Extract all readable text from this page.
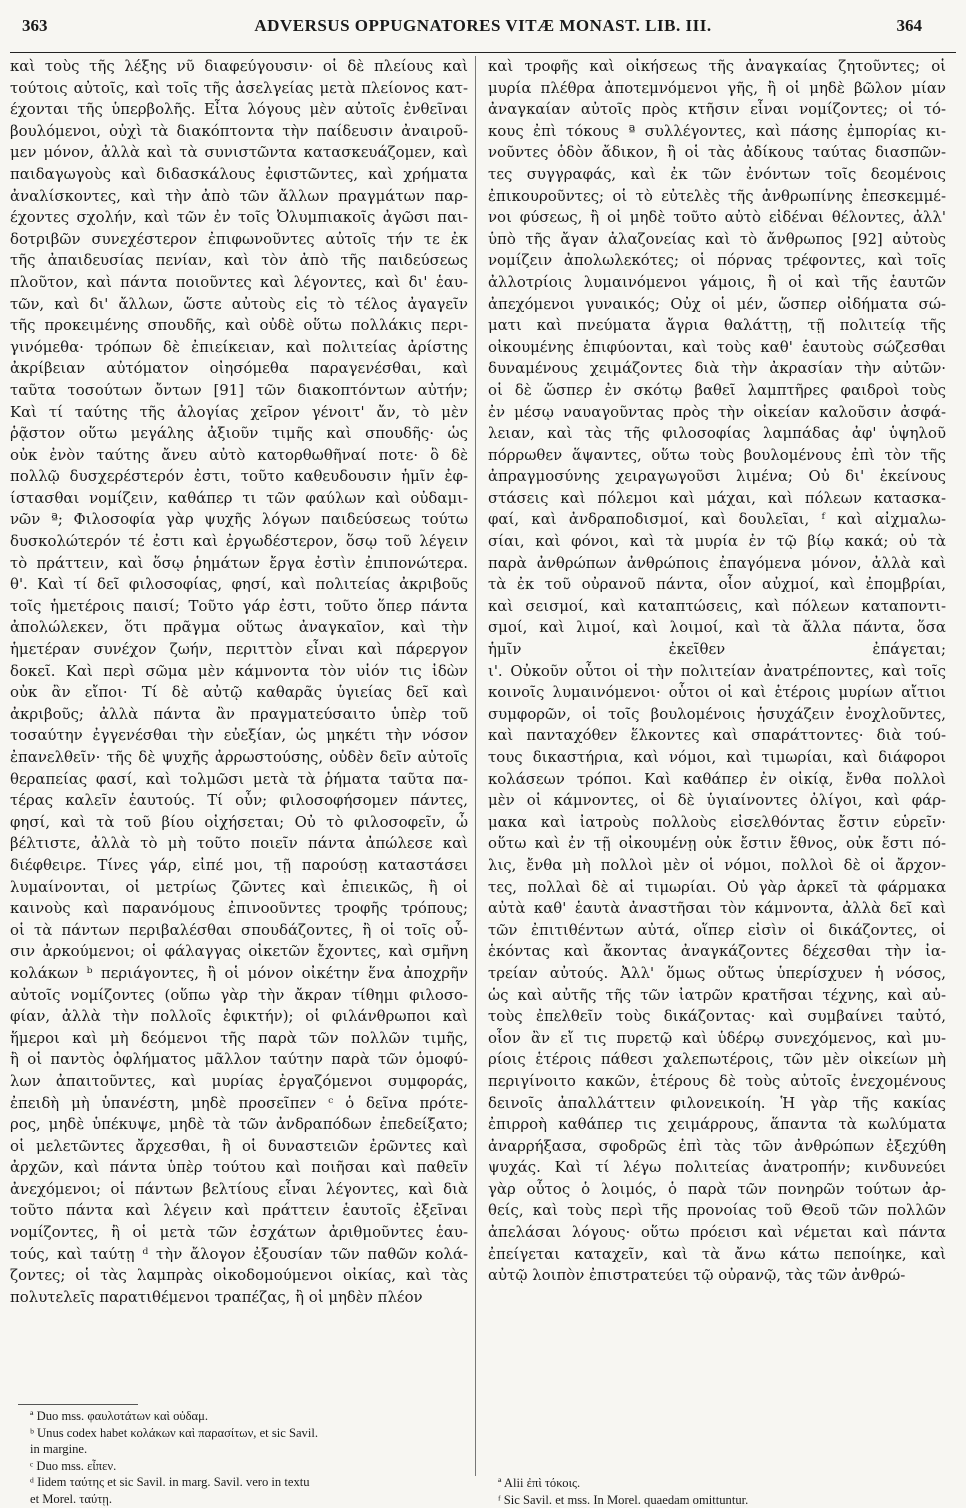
363	ADVERSUS OPPUGNATORES VITÆ MONAST. LIB. III.	364
καὶ τοὺς τῆς λέξης νῦ διαφεύγουσιν· οἱ δὲ πλείους καὶ
τούτοις αὐτοῖς, καὶ τοῖς τῆς ἀσελγείας μετὰ πλείονος κατ-
έχονται τῆς ὑπερβολῆς. Εἶτα λόγους μὲν αὐτοῖς ἐνθεῖναι
βουλόμενοι, οὐχὶ τὰ διακόπτοντα τὴν παίδευσιν ἀναιροῦ-
μεν μόνον, ἀλλὰ καὶ τὰ συνιστῶντα κατασκευάζομεν, καὶ
παιδαγωγοὺς καὶ διδασκάλους ἐφιστῶντες, καὶ χρήματα
ἀναλίσκοντες, καὶ τὴν ἀπὸ τῶν ἄλλων πραγμάτων παρ-
έχοντες σχολήν, καὶ τῶν ἐν τοῖς Ὀλυμπιακοῖς ἀγῶσι παι-
δοτριβῶν συνεχέστερον ἐπιφωνοῦντες αὐτοῖς τήν τε ἐκ
τῆς ἀπαιδευσίας πενίαν, καὶ τὸν ἀπὸ τῆς παιδεύσεως
πλοῦτον, καὶ πάντα ποιοῦντες καὶ λέγοντες, καὶ δι' ἑαυ-
τῶν, καὶ δι' ἄλλων, ὥστε αὐτοὺς εἰς τὸ τέλος ἀγαγεῖν
τῆς προκειμένης σπουδῆς, καὶ οὐδὲ οὕτω πολλάκις περι-
γινόμεθα· τρόπων δὲ ἐπιείκειαν, καὶ πολιτείας ἀρίστης
ἀκρίβειαν αὐτόματον οἰησόμεθα παραγενέσθαι, καὶ
ταῦτα τοσούτων ὄντων [91] τῶν διακοπτόντων αὐτήν;
Καὶ τί ταύτης τῆς ἀλογίας χεῖρον γένοιτ' ἄν, τὸ μὲν
ῥᾷστον οὕτω μεγάλης ἀξιοῦν τιμῆς καὶ σπουδῆς· ὡς
οὐκ ἐνὸν ταύτης ἄνευ αὐτὸ κατορθωθῆναί ποτε· ὃ δὲ
πολλῷ δυσχερέστερόν ἐστι, τοῦτο καθευδουσιν ἡμῖν ἐφ-
ίστασθαι νομίζειν, καθάπερ τι τῶν φαύλων καὶ οὐδαμι-
νῶν ª; Φιλοσοφία γὰρ ψυχῆς λόγων παιδεύσεως τούτω
δυσκολώτερόν τέ ἐστι καὶ ἐργωδέστερον, ὅσῳ τοῦ λέγειν
τὸ πράττειν, καὶ ὅσῳ ῥημάτων ἔργα ἐστὶν ἐπιπονώτερα.
θ'. Καὶ τί δεῖ φιλοσοφίας, φησί, καὶ πολιτείας ἀκριβοῦς
τοῖς ἡμετέροις παισί; Τοῦτο γάρ ἐστι, τοῦτο ὅπερ πάντα
ἀπολώλεκεν, ὅτι πρᾶγμα οὕτως ἀναγκαῖον, καὶ τὴν
ἡμετέραν συνέχον ζωήν, περιττὸν εἶναι καὶ πάρεργον
δοκεῖ. Καὶ περὶ σῶμα μὲν κάμνοντα τὸν υἱόν τις ἰδὼν
οὐκ ἂν εἴποι· Τί δὲ αὐτῷ καθαρᾶς ὑγιείας δεῖ καὶ
ἀκριβοῦς; ἀλλὰ πάντα ἂν πραγματεύσαιτο ὑπὲρ τοῦ
τοσαύτην ἐγγενέσθαι τὴν εὐεξίαν, ὡς μηκέτι τὴν νόσον
ἐπανελθεῖν· τῆς δὲ ψυχῆς ἀρρωστούσης, οὐδὲν δεῖν αὐτοῖς
θεραπείας φασί, καὶ τολμῶσι μετὰ τὰ ῥήματα ταῦτα πα-
τέρας καλεῖν ἑαυτούς. Τί οὖν; φιλοσοφήσομεν πάντες,
φησί, καὶ τὰ τοῦ βίου οἰχήσεται; Οὐ τὸ φιλοσοφεῖν, ὦ
βέλτιστε, ἀλλὰ τὸ μὴ τοῦτο ποιεῖν πάντα ἀπώλεσε καὶ
διέφθειρε. Τίνες γάρ, εἰπέ μοι, τῇ παρούσῃ καταστάσει
λυμαίνονται, οἱ μετρίως ζῶντες καὶ ἐπιεικῶς, ἢ οἱ
καινοὺς καὶ παρανόμους ἐπινοοῦντες τροφῆς τρόπους;
οἱ τὰ πάντων περιβαλέσθαι σπουδάζοντες, ἢ οἱ τοῖς οὖ-
σιν ἀρκούμενοι; οἱ φάλαγγας οἰκετῶν ἔχοντες, καὶ σμῆνη
κολάκων ᵇ περιάγοντες, ἢ οἱ μόνον οἰκέτην ἕνα ἀποχρῆν
αὐτοῖς νομίζοντες (οὕπω γὰρ τὴν ἄκραν τίθημι φιλοσο-
φίαν, ἀλλὰ τὴν πολλοῖς ἐφικτήν); οἱ φιλάνθρωποι καὶ
ἥμεροι καὶ μὴ δεόμενοι τῆς παρὰ τῶν πολλῶν τιμῆς,
ἢ οἱ παντὸς ὀφλήματος μᾶλλον ταύτην παρὰ τῶν ὁμοφύ-
λων ἀπαιτοῦντες, καὶ μυρίας ἐργαζόμενοι συμφοράς,
ἐπειδὴ μὴ ὑπανέστη, μηδὲ προσεῖπεν ᶜ ὁ δεῖνα πρότε-
ρος, μηδὲ ὑπέκυψε, μηδὲ τὰ τῶν ἀνδραπόδων ἐπεδείξατο;
οἱ μελετῶντες ἄρχεσθαι, ἢ οἱ δυναστειῶν ἐρῶντες καὶ
ἀρχῶν, καὶ πάντα ὑπὲρ τούτου καὶ ποιῆσαι καὶ παθεῖν
ἀνεχόμενοι; οἱ πάντων βελτίους εἶναι λέγοντες, καὶ διὰ
τοῦτο πάντα καὶ λέγειν καὶ πράττειν ἑαυτοῖς ἐξεῖναι
νομίζοντες, ἢ οἱ μετὰ τῶν ἐσχάτων ἀριθμοῦντες ἑαυ-
τούς, καὶ ταύτῃ ᵈ τὴν ἄλογον ἐξουσίαν τῶν παθῶν κολά-
ζοντες; οἱ τὰς λαμπρὰς οἰκοδομούμενοι οἰκίας, καὶ τὰς
πολυτελεῖς παρατιθέμενοι τραπέζας, ἢ οἱ μηδὲν πλέον
καὶ τροφῆς καὶ οἰκήσεως τῆς ἀναγκαίας ζητοῦντες; οἱ
μυρία πλέθρα ἀποτεμνόμενοι γῆς, ἢ οἱ μηδὲ βῶλον μίαν
ἀναγκαίαν αὐτοῖς πρὸς κτῆσιν εἶναι νομίζοντες; οἱ τό-
κους ἐπὶ τόκους ª συλλέγοντες, καὶ πάσης ἐμπορίας κι-
νοῦντες ὁδὸν ἄδικον, ἢ οἱ τὰς ἀδίκους ταύτας διασπῶν-
τες συγγραφάς, καὶ ἐκ τῶν ἐνόντων τοῖς δεομένοις
ἐπικουροῦντες; οἱ τὸ εὐτελὲς τῆς ἀνθρωπίνης ἐπεσκεμμέ-
νοι φύσεως, ἢ οἱ μηδὲ τοῦτο αὐτὸ εἰδέναι θέλοντες, ἀλλ'
ὑπὸ τῆς ἄγαν ἀλαζονείας καὶ τὸ ἄνθρωπος [92] αὐτοὺς
νομίζειν ἀπολωλεκότες; οἱ πόρνας τρέφοντες, καὶ τοῖς
ἀλλοτρίοις λυμαινόμενοι γάμοις, ἢ οἱ καὶ τῆς ἑαυτῶν
ἀπεχόμενοι γυναικός; Οὐχ οἱ μέν, ὥσπερ οἰδήματα σώ-
ματι καὶ πνεύματα ἄγρια θαλάττῃ, τῇ πολιτείᾳ τῆς
οἰκουμένης ἐπιφύονται, καὶ τοὺς καθ' ἑαυτοὺς σώζεσθαι
δυναμένους χειμάζοντες διὰ τὴν ἀκρασίαν τὴν αὐτῶν·
οἱ δὲ ὥσπερ ἐν σκότῳ βαθεῖ λαμπτῆρες φαιδροὶ τοὺς
ἐν μέσῳ ναυαγοῦντας πρὸς τὴν οἰκείαν καλοῦσιν ἀσφά-
λειαν, καὶ τὰς τῆς φιλοσοφίας λαμπάδας ἀφ' ὑψηλοῦ
πόρρωθεν ἅψαντες, οὕτω τοὺς βουλομένους ἐπὶ τὸν τῆς
ἀπραγμοσύνης χειραγωγοῦσι λιμένα; Οὐ δι' ἐκείνους
στάσεις καὶ πόλεμοι καὶ μάχαι, καὶ πόλεων κατασκα-
φαί, καὶ ἀνδραποδισμοί, καὶ δουλεῖαι, ᶠ καὶ αἰχμαλω-
σίαι, καὶ φόνοι, καὶ τὰ μυρία ἐν τῷ βίῳ κακά; οὐ τὰ
παρὰ ἀνθρώπων ἀνθρώποις ἐπαγόμενα μόνον, ἀλλὰ καὶ
τὰ ἐκ τοῦ οὐρανοῦ πάντα, οἷον αὐχμοί, καὶ ἐπομβρίαι,
καὶ σεισμοί, καὶ καταπτώσεις, καὶ πόλεων καταποντι-
σμοί, καὶ λιμοί, καὶ λοιμοί, καὶ τὰ ἄλλα πάντα, ὅσα
ἡμῖν ἐκεῖθεν ἐπάγεται;
ι'. Οὐκοῦν οὗτοι οἱ τὴν πολιτείαν ἀνατρέποντες, καὶ τοῖς
κοινοῖς λυμαινόμενοι· οὗτοι οἱ καὶ ἑτέροις μυρίων αἴτιοι
συμφορῶν, οἱ τοῖς βουλομένοις ἡσυχάζειν ἐνοχλοῦντες,
καὶ πανταχόθεν ἕλκοντες καὶ σπαράττοντες· διὰ τού-
τους δικαστήρια, καὶ νόμοι, καὶ τιμωρίαι, καὶ διάφοροι
κολάσεων τρόποι. Καὶ καθάπερ ἐν οἰκίᾳ, ἔνθα πολλοὶ
μὲν οἱ κάμνοντες, οἱ δὲ ὑγιαίνοντες ὀλίγοι, καὶ φάρ-
μακα καὶ ἰατροὺς πολλοὺς εἰσελθόντας ἔστιν εὑρεῖν·
οὕτω καὶ ἐν τῇ οἰκουμένῃ οὐκ ἔστιν ἔθνος, οὐκ ἔστι πό-
λις, ἔνθα μὴ πολλοὶ μὲν οἱ νόμοι, πολλοὶ δὲ οἱ ἄρχον-
τες, πολλαὶ δὲ αἱ τιμωρίαι. Οὐ γὰρ ἀρκεῖ τὰ φάρμακα
αὐτὰ καθ' ἑαυτὰ ἀναστῆσαι τὸν κάμνοντα, ἀλλὰ δεῖ καὶ
τῶν ἐπιτιθέντων αὐτά, οἵπερ εἰσὶν οἱ δικάζοντες, οἱ
ἑκόντας καὶ ἄκοντας ἀναγκάζοντες δέχεσθαι τὴν ἰα-
τρείαν αὐτούς. Ἀλλ' ὅμως οὕτως ὑπερίσχυεν ἡ νόσος,
ὡς καὶ αὐτῆς τῆς τῶν ἰατρῶν κρατῆσαι τέχνης, καὶ αὐ-
τοὺς ἐπελθεῖν τοὺς δικάζοντας· καὶ συμβαίνει ταὐτό,
οἷον ἂν εἴ τις πυρετῷ καὶ ὑδέρῳ συνεχόμενος, καὶ μυ-
ρίοις ἑτέροις πάθεσι χαλεπωτέροις, τῶν μὲν οἰκείων μὴ
περιγίνοιτο κακῶν, ἑτέρους δὲ τοὺς αὐτοῖς ἐνεχομένους
δεινοῖς ἀπαλλάττειν φιλονεικοίη. Ἡ γὰρ τῆς κακίας
ἐπιρροὴ καθάπερ τις χειμάρρους, ἅπαντα τὰ κωλύματα
ἀναρρήξασα, σφοδρῶς ἐπὶ τὰς τῶν ἀνθρώπων ἐξεχύθη
ψυχάς. Καὶ τί λέγω πολιτείας ἀνατροπήν; κινδυνεύει
γὰρ οὗτος ὁ λοιμός, ὁ παρὰ τῶν πονηρῶν τούτων ἀρ-
θείς, καὶ τοὺς περὶ τῆς προνοίας τοῦ Θεοῦ τῶν πολλῶν
ἀπελάσαι λόγους· οὕτω πρόεισι καὶ νέμεται καὶ πάντα
ἐπείγεται καταχεῖν, καὶ τὰ ἄνω κάτω πεποίηκε, καὶ
αὐτῷ λοιπὸν ἐπιστρατεύει τῷ οὐρανῷ, τὰς τῶν ἀνθρώ-
ª Duo mss. φαυλοτάτων καὶ οὐδαμ.
ᵇ Unus codex habet κολάκων καὶ παρασίτων, et sic Savil.
in margine.
ᶜ Duo mss. εἶπεν.
ᵈ Iidem ταύτης et sic Savil. in marg. Savil. vero in textu
et Morel. ταύτῃ.
ª Alii ἐπὶ τόκοις.
ᶠ Sic Savil. et mss. In Morel. quaedam omittuntur.
